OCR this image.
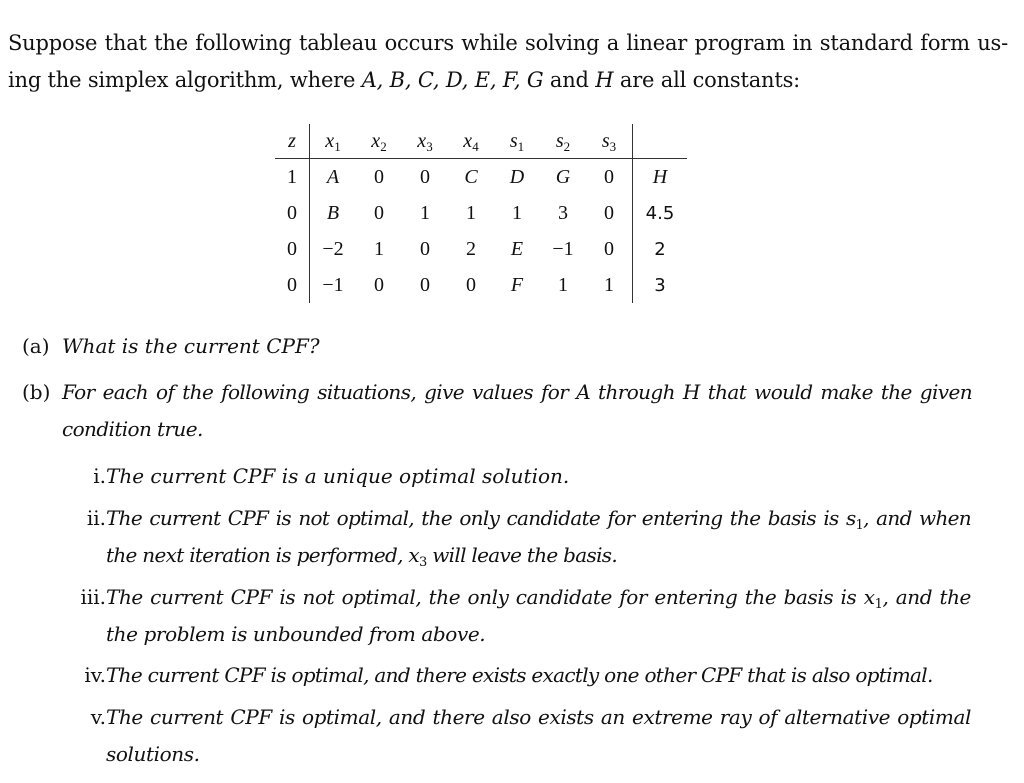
Suppose that the following tableau occurs while solving a linear program in standard form us-ing the simplex algorithm, where A, B, C, D, E, F, G and H are all constants:
z	$x_1$	$x_2$	$x_3$	$x_4$	$s_1$	$s_2$	$s_3$	
1	A	0	0	C	D	G	0	H
0	B	0	1	1	1	3	0	4.5
0	−2	1	0	2	E	−1	0	2
0	−1	0	0	0	F	1	1	3
(a) What is the current CPF?
(b) For each of the following situations, give values for A through H that would make the given condition true.
i. The current CPF is a unique optimal solution.
ii. The current CPF is not optimal, the only candidate for entering the basis is $s_1$, and when the next iteration is performed, $x_3$ will leave the basis.
iii. The current CPF is not optimal, the only candidate for entering the basis is $x_1$, and the the problem is unbounded from above.
iv. The current CPF is optimal, and there exists exactly one other CPF that is also optimal.
v. The current CPF is optimal, and there also exists an extreme ray of alternative optimal solutions.
